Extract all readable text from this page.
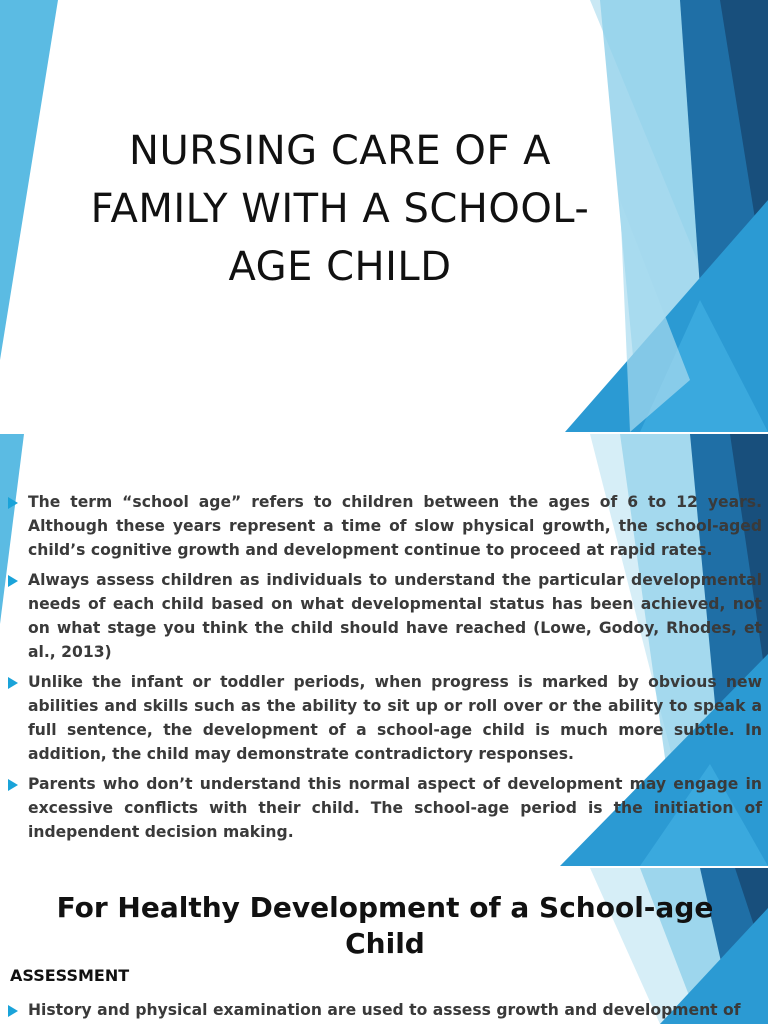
NURSING CARE OF A FAMILY WITH A SCHOOL-AGE CHILD
The term “school age” refers to children between the ages of 6 to 12 years. Although these years represent a time of slow physical growth, the school-aged child’s cognitive growth and development continue to proceed at rapid rates.
Always assess children as individuals to understand the particular developmental needs of each child based on what developmental status has been achieved, not on what stage you think the child should have reached (Lowe, Godoy, Rhodes, et al., 2013)
Unlike the infant or toddler periods, when progress is marked by obvious new abilities and skills such as the ability to sit up or roll over or the ability to speak a full sentence, the development of a school-age child is much more subtle. In addition, the child may demonstrate contradictory responses.
Parents who don’t understand this normal aspect of development may engage in excessive conflicts with their child. The school-age period is the initiation of independent decision making.
For Healthy Development of a School-age Child
ASSESSMENT
History and physical examination are used to assess growth and development of
